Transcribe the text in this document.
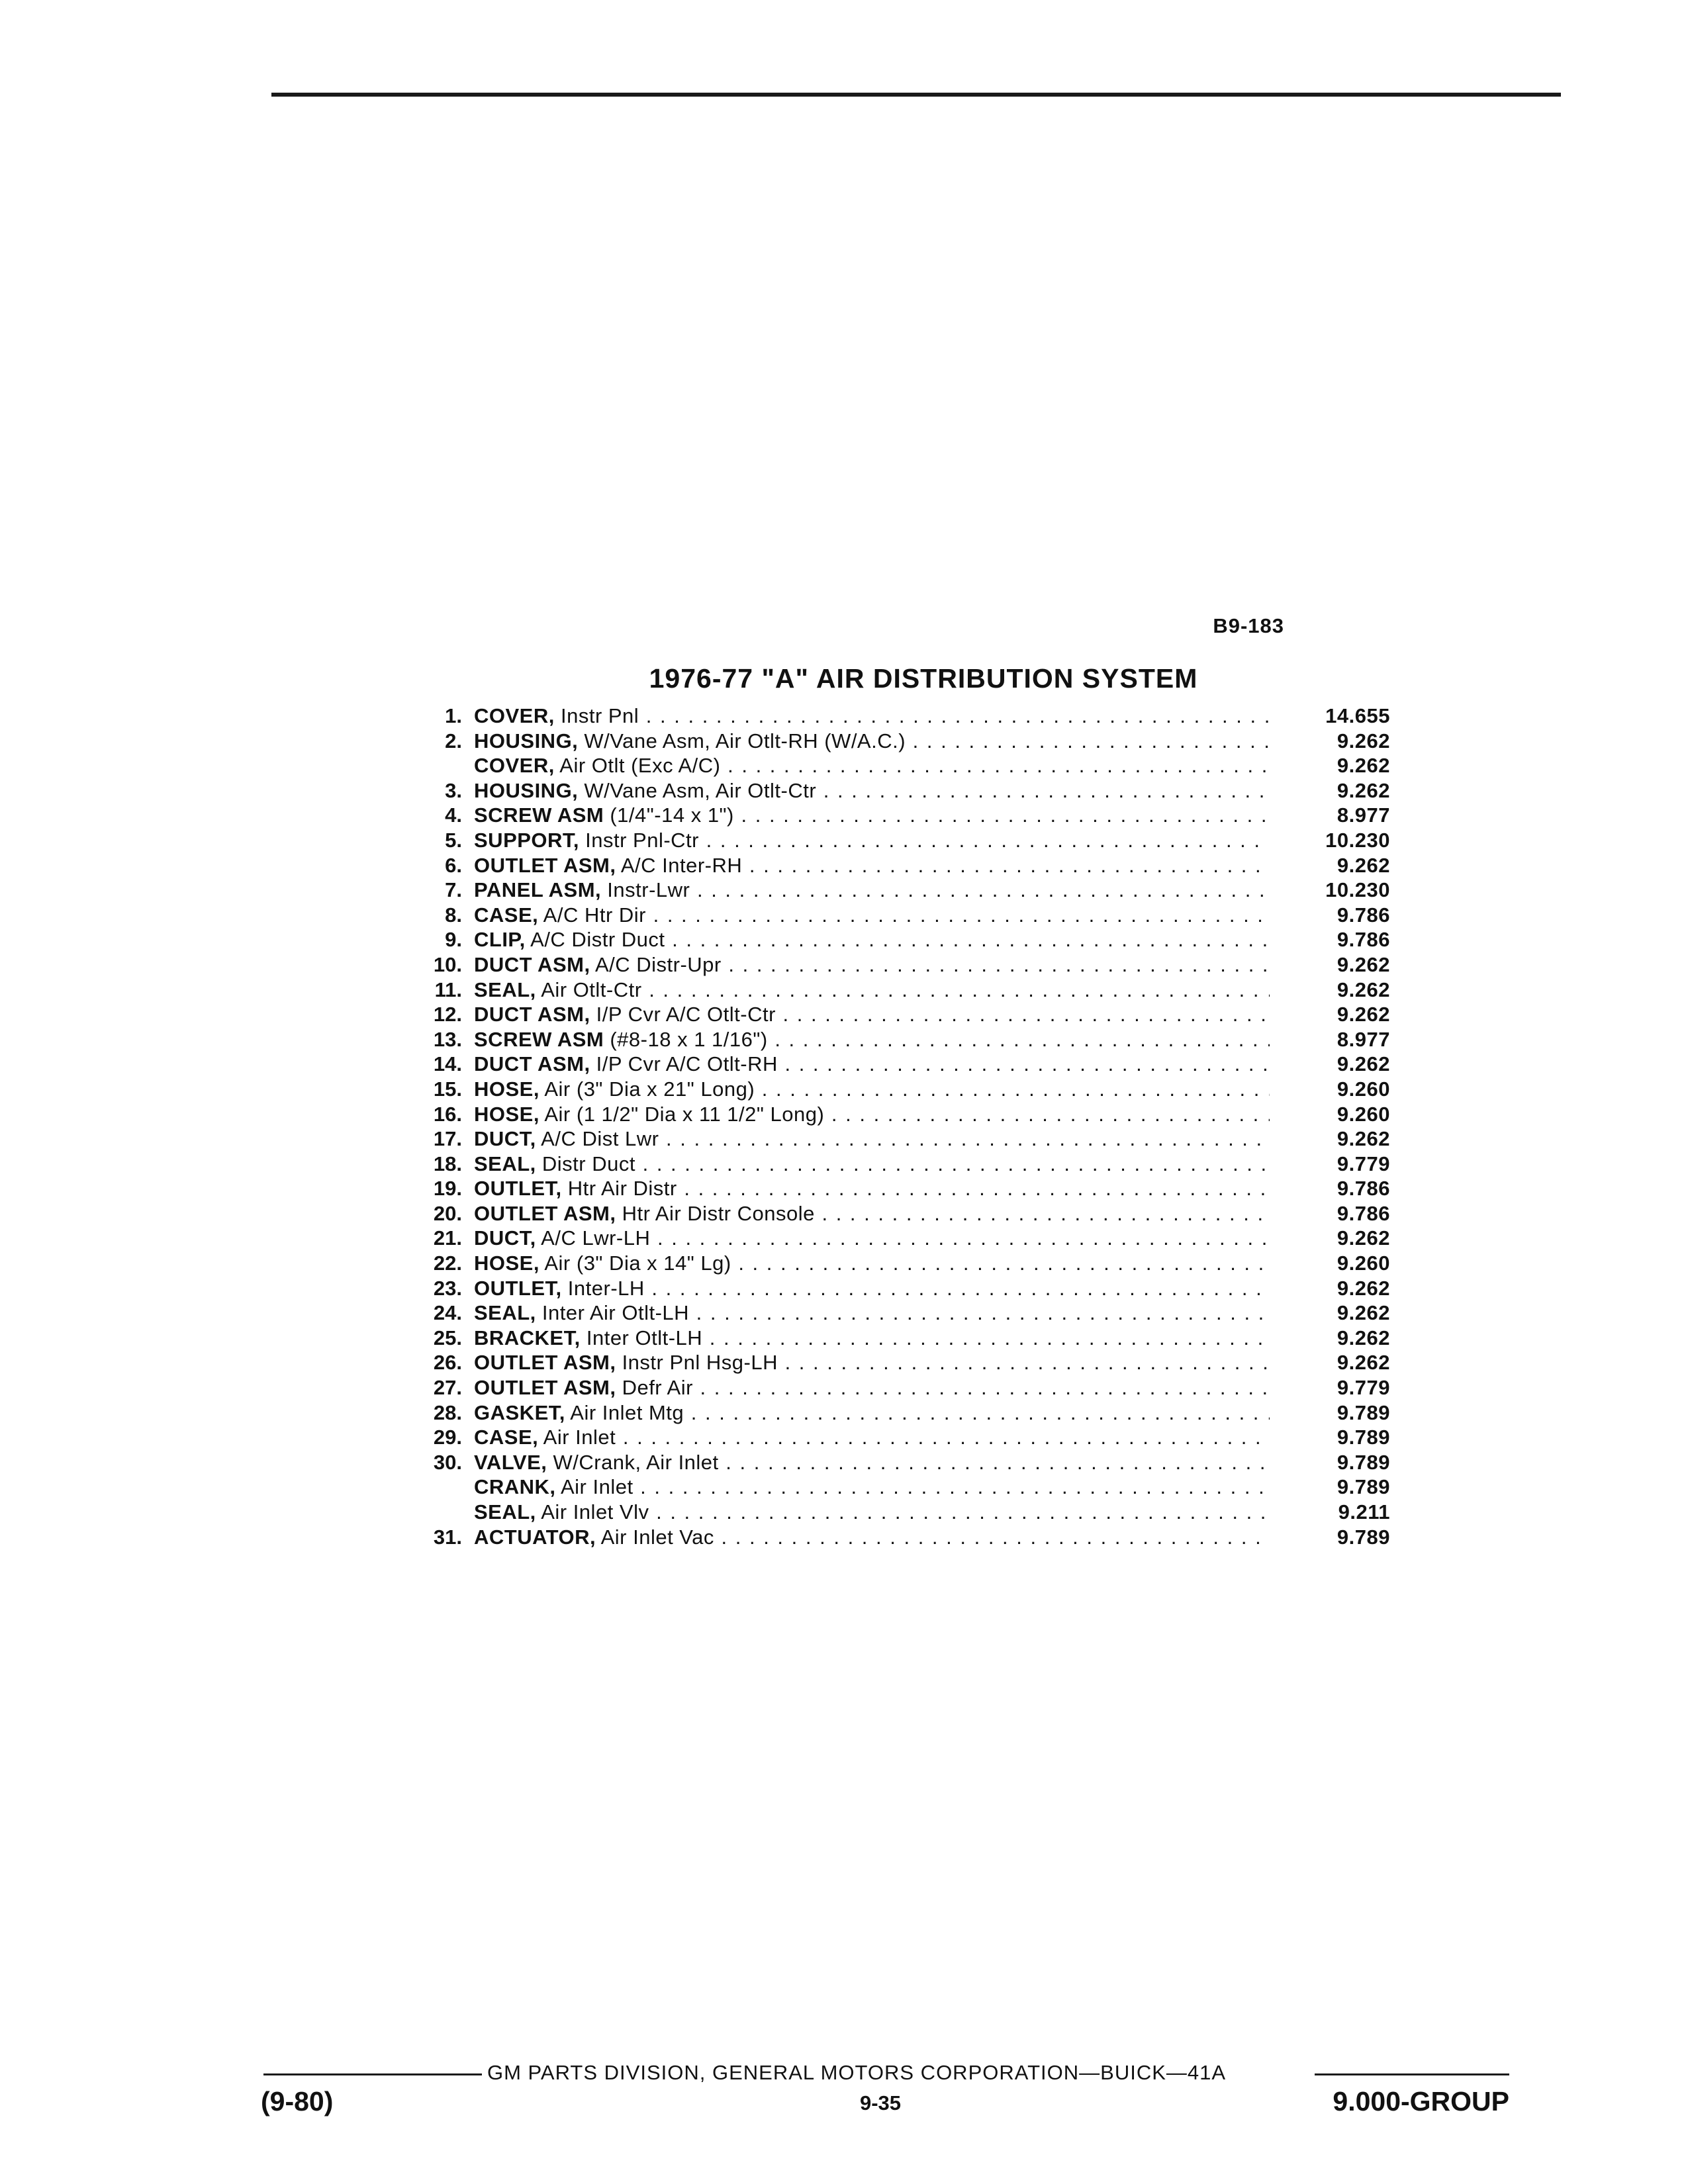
B9-183
1976-77 "A" AIR DISTRIBUTION SYSTEM
1. COVER, Instr Pnl . . .	14.655
2. HOUSING, W/Vane Asm, Air Otlt-RH (W/A.C.) . . .	9.262
COVER, Air Otlt (Exc A/C) . . .	9.262
3. HOUSING, W/Vane Asm, Air Otlt-Ctr . . .	9.262
4. SCREW ASM (1/4"-14 x 1") . . .	8.977
5. SUPPORT, Instr Pnl-Ctr . . .	10.230
6. OUTLET ASM, A/C Inter-RH . . .	9.262
7. PANEL ASM, Instr-Lwr . . .	10.230
8. CASE, A/C Htr Dir . . .	9.786
9. CLIP, A/C Distr Duct . . .	9.786
10. DUCT ASM, A/C Distr-Upr . . .	9.262
11. SEAL, Air Otlt-Ctr . . .	9.262
12. DUCT ASM, I/P Cvr A/C Otlt-Ctr . . .	9.262
13. SCREW ASM (#8-18 x 1 1/16") . . .	8.977
14. DUCT ASM, I/P Cvr A/C Otlt-RH . . .	9.262
15. HOSE, Air (3" Dia x 21" Long) . . .	9.260
16. HOSE, Air (1 1/2" Dia x 11 1/2" Long) . . .	9.260
17. DUCT, A/C Dist Lwr . . .	9.262
18. SEAL, Distr Duct . . .	9.779
19. OUTLET, Htr Air Distr . . .	9.786
20. OUTLET ASM, Htr Air Distr Console . . .	9.786
21. DUCT, A/C Lwr-LH . . .	9.262
22. HOSE, Air (3" Dia x 14" Lg) . . .	9.260
23. OUTLET, Inter-LH . . .	9.262
24. SEAL, Inter Air Otlt-LH . . .	9.262
25. BRACKET, Inter Otlt-LH . . .	9.262
26. OUTLET ASM, Instr Pnl Hsg-LH . . .	9.262
27. OUTLET ASM, Defr Air . . .	9.779
28. GASKET, Air Inlet Mtg . . .	9.789
29. CASE, Air Inlet . . .	9.789
30. VALVE, W/Crank, Air Inlet . . .	9.789
CRANK, Air Inlet . . .	9.789
SEAL, Air Inlet Vlv . . .	9.211
31. ACTUATOR, Air Inlet Vac . . .	9.789
GM PARTS DIVISION, GENERAL MOTORS CORPORATION—BUICK—41A
(9-80)	9-35	9.000-GROUP
